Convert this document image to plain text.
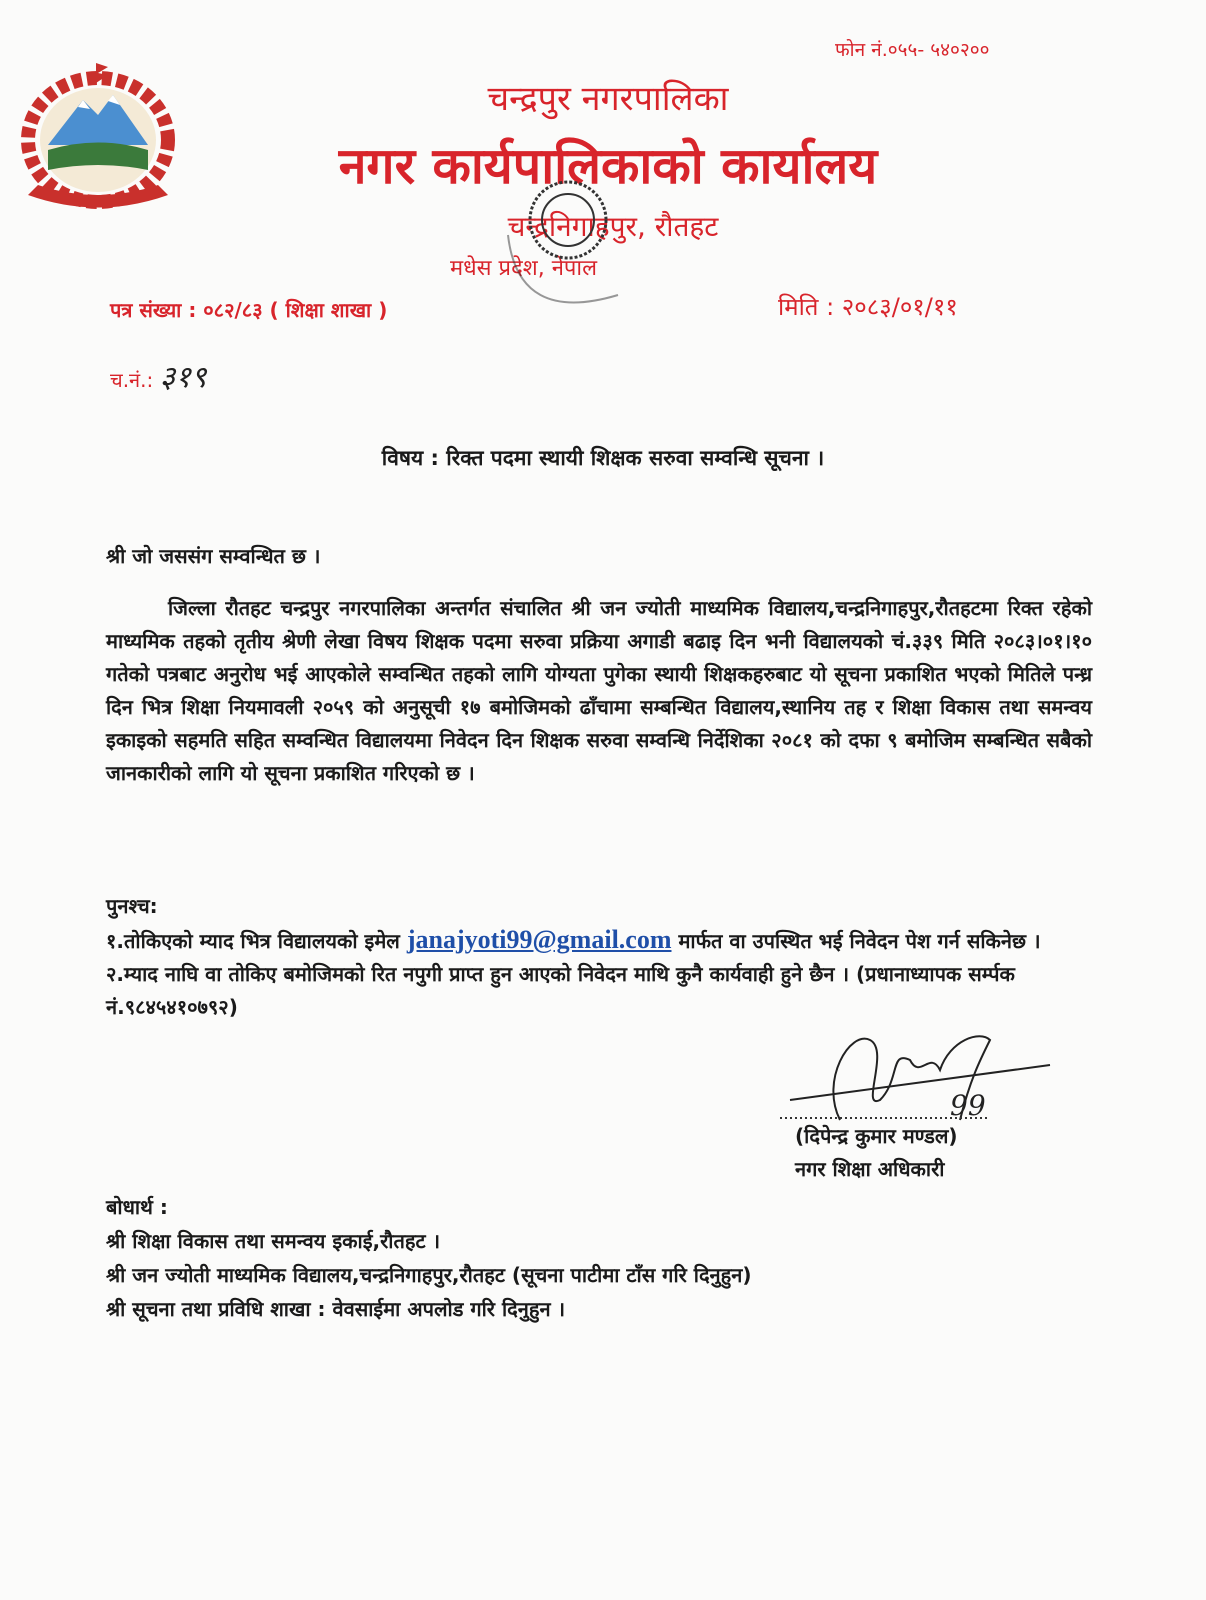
फोन नं.०५५- ५४०२००
चन्द्रपुर नगरपालिका
नगर कार्यपालिकाको कार्यालय
चन्द्रनिगाहपुर, रौतहट
मधेस प्रदेश, नेपाल
पत्र संख्या : ०८२/८३ ( शिक्षा शाखा )	मिति : २०८३/०१/११
च.नं.: ३१९
विषय : रिक्त पदमा स्थायी शिक्षक सरुवा सम्वन्धि सूचना ।
श्री जो जससंग सम्वन्धित छ ।

जिल्ला रौतहट चन्द्रपुर नगरपालिका अन्तर्गत संचालित श्री जन ज्योती माध्यमिक विद्यालय,चन्द्रनिगाहपुर,रौतहटमा रिक्त रहेको माध्यमिक तहको तृतीय श्रेणी लेखा विषय शिक्षक पदमा सरुवा प्रक्रिया अगाडी बढाइ दिन भनी विद्यालयको चं.३३९ मिति २०८३।०१।१० गतेको पत्रबाट अनुरोध भई आएकोले सम्वन्धित तहको लागि योग्यता पुगेका स्थायी शिक्षकहरुबाट यो सूचना प्रकाशित भएको मितिले पन्ध्र दिन भित्र शिक्षा नियमावली २०५९ को अनुसूची १७ बमोजिमको ढाँचामा सम्बन्धित विद्यालय,स्थानिय तह र शिक्षा विकास तथा समन्वय इकाइको सहमति सहित सम्वन्धित विद्यालयमा निवेदन दिन शिक्षक सरुवा सम्वन्धि निर्देशिका २०८१ को दफा ९ बमोजिम सम्बन्धित सबैको जानकारीको लागि यो सूचना प्रकाशित गरिएको छ ।

पुनश्च:

१.तोकिएको म्याद भित्र विद्यालयको इमेल janajyoti99@gmail.com मार्फत वा उपस्थित भई निवेदन पेश गर्न सकिनेछ ।

२.म्याद नाघि वा तोकिए बमोजिमको रित नपुगी प्राप्त हुन आएको निवेदन माथि कुनै कार्यवाही हुने छैन । (प्रधानाध्यापक सर्म्पक नं.९८४५४१०७९२)

99
(दिपेन्द्र कुमार मण्डल)
नगर शिक्षा अधिकारी

बोधार्थ :

श्री शिक्षा विकास तथा समन्वय इकाई,रौतहट ।

श्री जन ज्योती माध्यमिक विद्यालय,चन्द्रनिगाहपुर,रौतहट (सूचना पाटीमा टाँस गरि दिनुहुन)

श्री सूचना तथा प्रविधि शाखा : वेवसाईमा अपलोड गरि दिनुहुन ।
